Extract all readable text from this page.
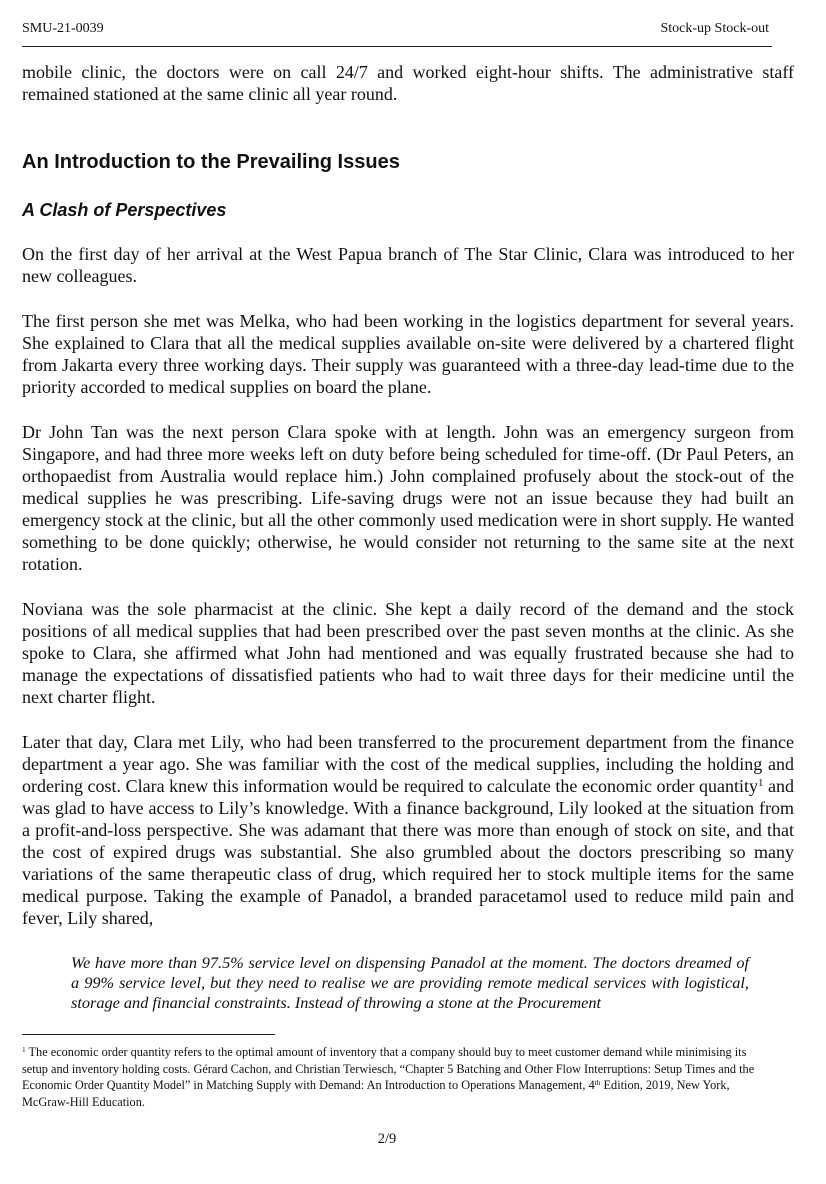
SMU-21-0039	Stock-up Stock-out

mobile clinic, the doctors were on call 24/7 and worked eight-hour shifts. The administrative staff remained stationed at the same clinic all year round.

An Introduction to the Prevailing Issues
A Clash of Perspectives

On the first day of her arrival at the West Papua branch of The Star Clinic, Clara was introduced to her new colleagues.

The first person she met was Melka, who had been working in the logistics department for several years. She explained to Clara that all the medical supplies available on-site were delivered by a chartered flight from Jakarta every three working days. Their supply was guaranteed with a three-day lead-time due to the priority accorded to medical supplies on board the plane.

Dr John Tan was the next person Clara spoke with at length. John was an emergency surgeon from Singapore, and had three more weeks left on duty before being scheduled for time-off. (Dr Paul Peters, an orthopaedist from Australia would replace him.) John complained profusely about the stock-out of the medical supplies he was prescribing. Life-saving drugs were not an issue because they had built an emergency stock at the clinic, but all the other commonly used medication were in short supply. He wanted something to be done quickly; otherwise, he would consider not returning to the same site at the next rotation.

Noviana was the sole pharmacist at the clinic. She kept a daily record of the demand and the stock positions of all medical supplies that had been prescribed over the past seven months at the clinic. As she spoke to Clara, she affirmed what John had mentioned and was equally frustrated because she had to manage the expectations of dissatisfied patients who had to wait three days for their medicine until the next charter flight.

Later that day, Clara met Lily, who had been transferred to the procurement department from the finance department a year ago. She was familiar with the cost of the medical supplies, including the holding and ordering cost. Clara knew this information would be required to calculate the economic order quantity$^1$ and was glad to have access to Lily’s knowledge. With a finance background, Lily looked at the situation from a profit-and-loss perspective. She was adamant that there was more than enough of stock on site, and that the cost of expired drugs was substantial. She also grumbled about the doctors prescribing so many variations of the same therapeutic class of drug, which required her to stock multiple items for the same medical purpose. Taking the example of Panadol, a branded paracetamol used to reduce mild pain and fever, Lily shared,

We have more than 97.5% service level on dispensing Panadol at the moment. The doctors dreamed of a 99% service level, but they need to realise we are providing remote medical services with logistical, storage and financial constraints. Instead of throwing a stone at the Procurement

$^1$ The economic order quantity refers to the optimal amount of inventory that a company should buy to meet customer demand while minimising its setup and inventory holding costs. Gérard Cachon, and Christian Terwiesch, “Chapter 5 Batching and Other Flow Interruptions: Setup Times and the Economic Order Quantity Model” in Matching Supply with Demand: An Introduction to Operations Management, 4th Edition, 2019, New York, McGraw-Hill Education.

2/9
